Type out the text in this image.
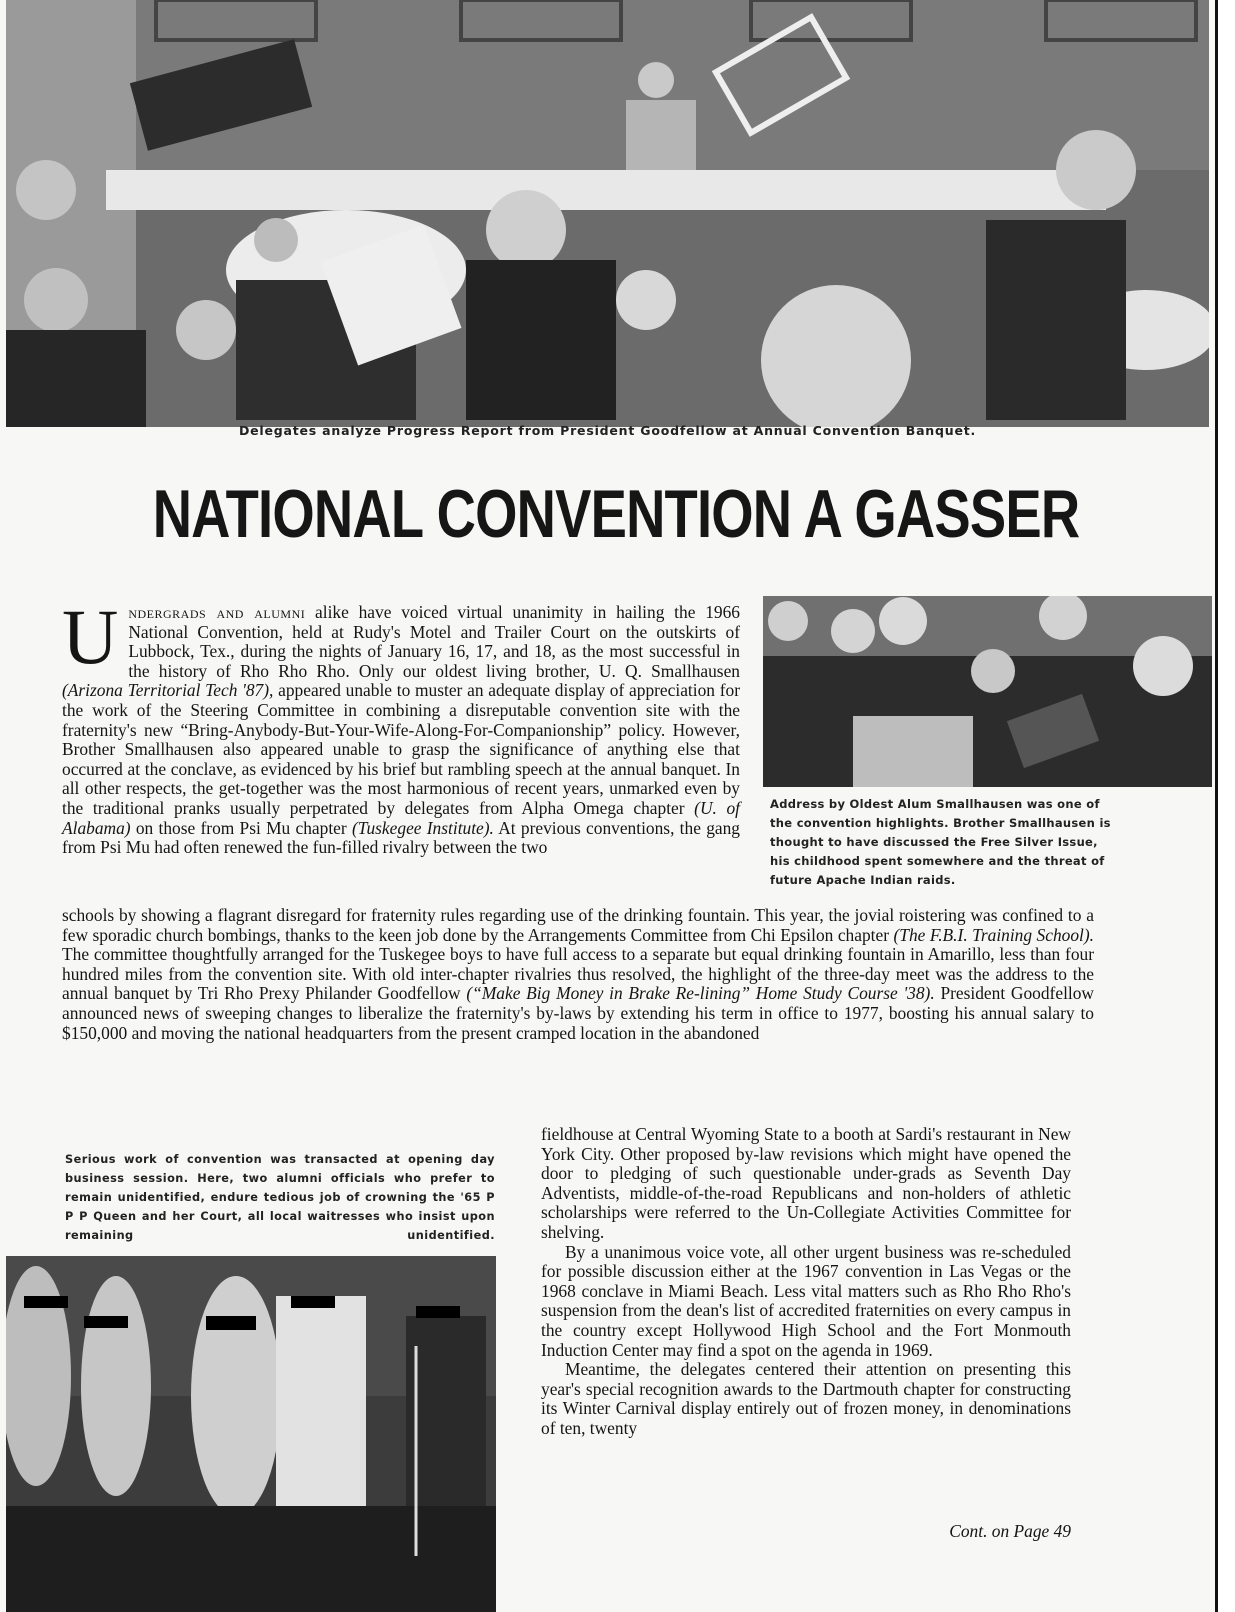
Delegates analyze Progress Report from President Goodfellow at Annual Convention Banquet.
NATIONAL CONVENTION A GASSER
Address by Oldest Alum Smallhausen was one of the convention highlights. Brother Smallhausen is thought to have discussed the Free Silver Issue, his childhood spent somewhere and the threat of future Apache Indian raids.
Undergrads and alumni alike have voiced virtual unanimity in hailing the 1966 National Convention, held at Rudy's Motel and Trailer Court on the outskirts of Lubbock, Tex., during the nights of January 16, 17, and 18, as the most successful in the history of Rho Rho Rho. Only our oldest living brother, U. Q. Smallhausen (Arizona Territorial Tech '87), appeared unable to muster an adequate display of appreciation for the work of the Steering Committee in combining a disreputable convention site with the fraternity's new “Bring-Anybody-But-Your-Wife-Along-For-Companionship” policy. However, Brother Smallhausen also appeared unable to grasp the significance of anything else that occurred at the conclave, as evidenced by his brief but rambling speech at the annual banquet. In all other respects, the get-together was the most harmonious of recent years, unmarked even by the traditional pranks usually perpetrated by delegates from Alpha Omega chapter (U. of Alabama) on those from Psi Mu chapter (Tuskegee Institute). At previous conventions, the gang from Psi Mu had often renewed the fun-filled rivalry between the two
schools by showing a flagrant disregard for fraternity rules regarding use of the drinking fountain. This year, the jovial roistering was confined to a few sporadic church bombings, thanks to the keen job done by the Arrangements Committee from Chi Epsilon chapter (The F.B.I. Training School). The committee thoughtfully arranged for the Tuskegee boys to have full access to a separate but equal drinking fountain in Amarillo, less than four hundred miles from the convention site. With old inter-chapter rivalries thus resolved, the highlight of the three-day meet was the address to the annual banquet by Tri Rho Prexy Philander Goodfellow (“Make Big Money in Brake Re-lining” Home Study Course '38). President Goodfellow announced news of sweeping changes to liberalize the fraternity's by-laws by extending his term in office to 1977, boosting his annual salary to $150,000 and moving the national headquarters from the present cramped location in the abandoned
Serious work of convention was transacted at opening day business session. Here, two alumni officials who prefer to remain unidentified, endure tedious job of crowning the '65 P P P Queen and her Court, all local waitresses who insist upon remaining unidentified.

fieldhouse at Central Wyoming State to a booth at Sardi's restaurant in New York City. Other proposed by-law revisions which might have opened the door to pledging of such questionable under-grads as Seventh Day Adventists, middle-of-the-road Republicans and non-holders of athletic scholarships were referred to the Un-Collegiate Activities Committee for shelving.

By a unanimous voice vote, all other urgent business was re-scheduled for possible discussion either at the 1967 convention in Las Vegas or the 1968 conclave in Miami Beach. Less vital matters such as Rho Rho Rho's suspension from the dean's list of accredited fraternities on every campus in the country except Hollywood High School and the Fort Monmouth Induction Center may find a spot on the agenda in 1969.

Meantime, the delegates centered their attention on presenting this year's special recognition awards to the Dartmouth chapter for constructing its Winter Carnival display entirely out of frozen money, in denominations of ten, twenty

Cont. on Page 49
